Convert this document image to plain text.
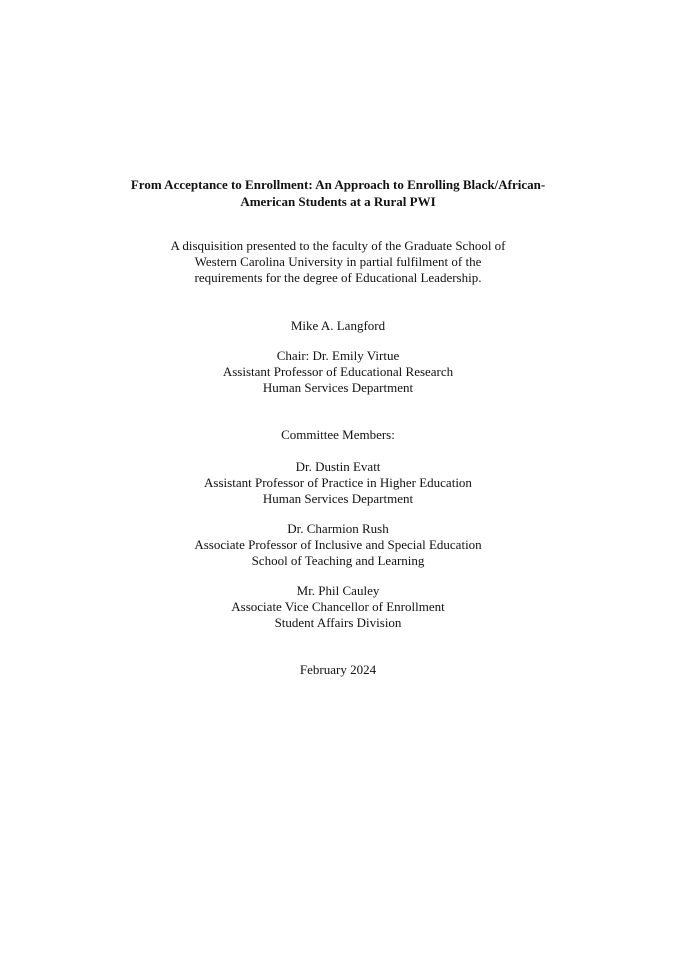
From Acceptance to Enrollment: An Approach to Enrolling Black/African-
American Students at a Rural PWI
A disquisition presented to the faculty of the Graduate School of
Western Carolina University in partial fulfilment of the
requirements for the degree of Educational Leadership.
Mike A. Langford
Chair: Dr. Emily Virtue
Assistant Professor of Educational Research
Human Services Department
Committee Members:
Dr. Dustin Evatt
Assistant Professor of Practice in Higher Education
Human Services Department
Dr. Charmion Rush
Associate Professor of Inclusive and Special Education
School of Teaching and Learning
Mr. Phil Cauley
Associate Vice Chancellor of Enrollment
Student Affairs Division
February 2024
